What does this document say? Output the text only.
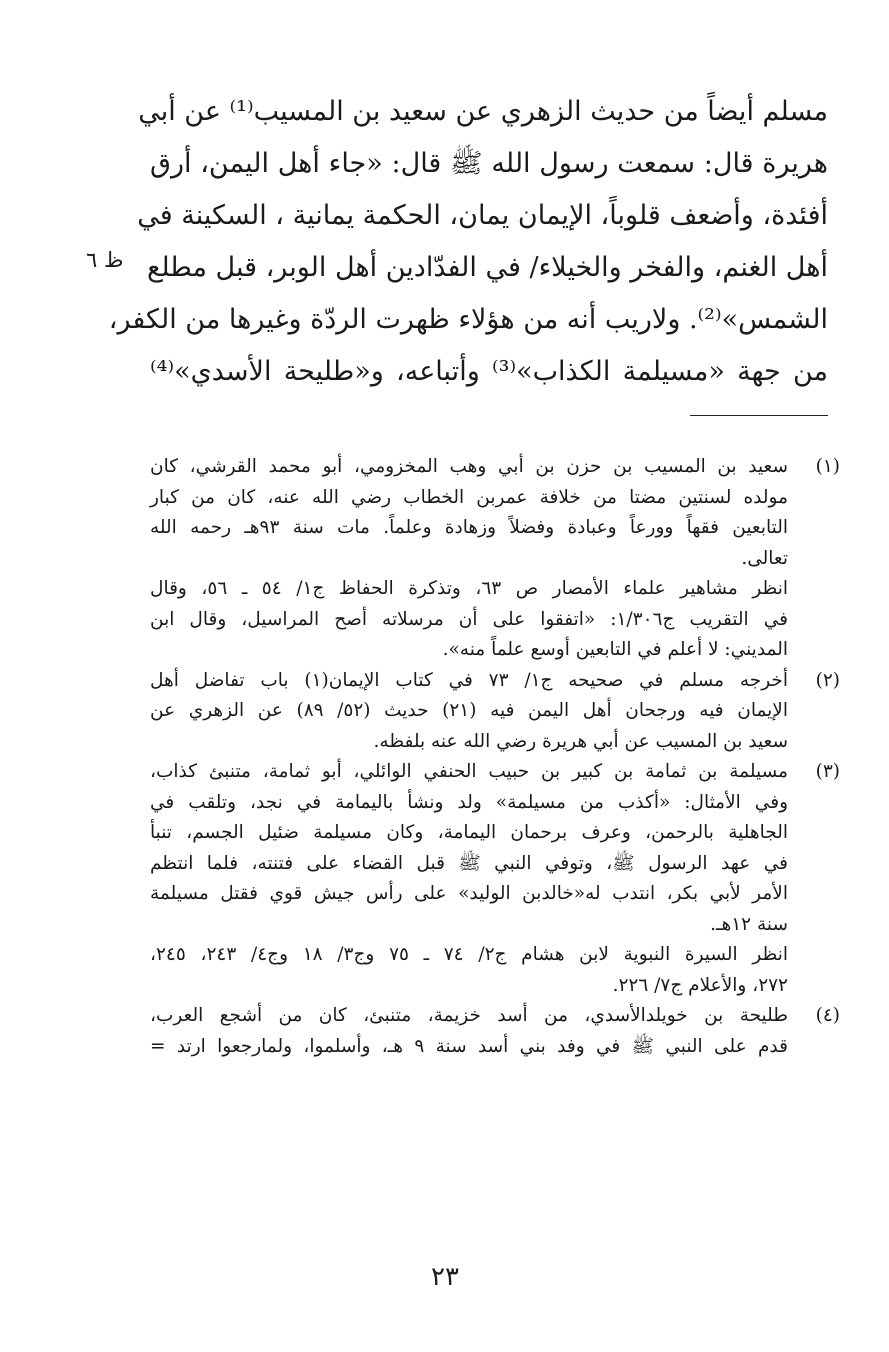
مسلم أيضاً من حديث الزهري عن سعيد بن المسيب⁽¹⁾ عن أبي
هريرة قال: سمعت رسول الله ﷺ قال: «جاء أهل اليمن، أرق
أفئدة، وأضعف قلوباً، الإيمان يمان، الحكمة يمانية ، السكينة في
أهل الغنم، والفخر والخيلاء/ في الفدّادين أهل الوبر، قبل مطلع
الشمس»⁽²⁾. ولاريب أنه من هؤلاء ظهرت الردّة وغيرها من الكفر،
من جهة «مسيلمة الكذاب»⁽³⁾ وأتباعه، و«طليحة الأسدي»⁽⁴⁾
ظ ٦
(١)
سعيد بن المسيب بن حزن بن أبي وهب المخزومي، أبو محمد القرشي، كان
مولده لسنتين مضتا من خلافة عمربن الخطاب رضي الله عنه، كان من كبار
التابعين فقهاً وورعاً وعبادة وفضلاً وزهادة وعلماً. مات سنة ٩٣هـ رحمه الله
تعالى.
انظر مشاهير علماء الأمصار ص ٦٣، وتذكرة الحفاظ ج١/ ٥٤ ـ ٥٦، وقال
في التقريب ج١/٣٠٦: «اتفقوا على أن مرسلاته أصح المراسيل، وقال ابن
المديني: لا أعلم في التابعين أوسع علماً منه».
(٢)
أخرجه مسلم في صحيحه ج١/ ٧٣ في كتاب الإيمان(١) باب تفاضل أهل
الإيمان فيه ورجحان أهل اليمن فيه (٢١) حديث (٥٢/ ٨٩) عن الزهري عن
سعيد بن المسيب عن أبي هريرة رضي الله عنه بلفظه.
(٣)
مسيلمة بن ثمامة بن كبير بن حبيب الحنفي الوائلي، أبو ثمامة، متنبئ كذاب،
وفي الأمثال: «أكذب من مسيلمة» ولد ونشأ باليمامة في نجد، وتلقب في
الجاهلية بالرحمن، وعرف برحمان اليمامة، وكان مسيلمة ضئيل الجسم، تنبأ
في عهد الرسول ﷺ، وتوفي النبي ﷺ قبل القضاء على فتنته، فلما انتظم
الأمر لأبي بكر، انتدب له«خالدبن الوليد» على رأس جيش قوي فقتل مسيلمة
سنة ١٢هـ.
انظر السيرة النبوية لابن هشام ج٢/ ٧٤ ـ ٧٥ وج٣/ ١٨ وج٤/ ٢٤٣، ٢٤٥،
٢٧٢، والأعلام ج٧/ ٢٢٦.
(٤)
طليحة بن خويلدالأسدي، من أسد خزيمة، متنبئ، كان من أشجع العرب،
قدم على النبي ﷺ في وفد بني أسد سنة ٩ هـ، وأسلموا، ولمارجعوا ارتد =
٢٣
